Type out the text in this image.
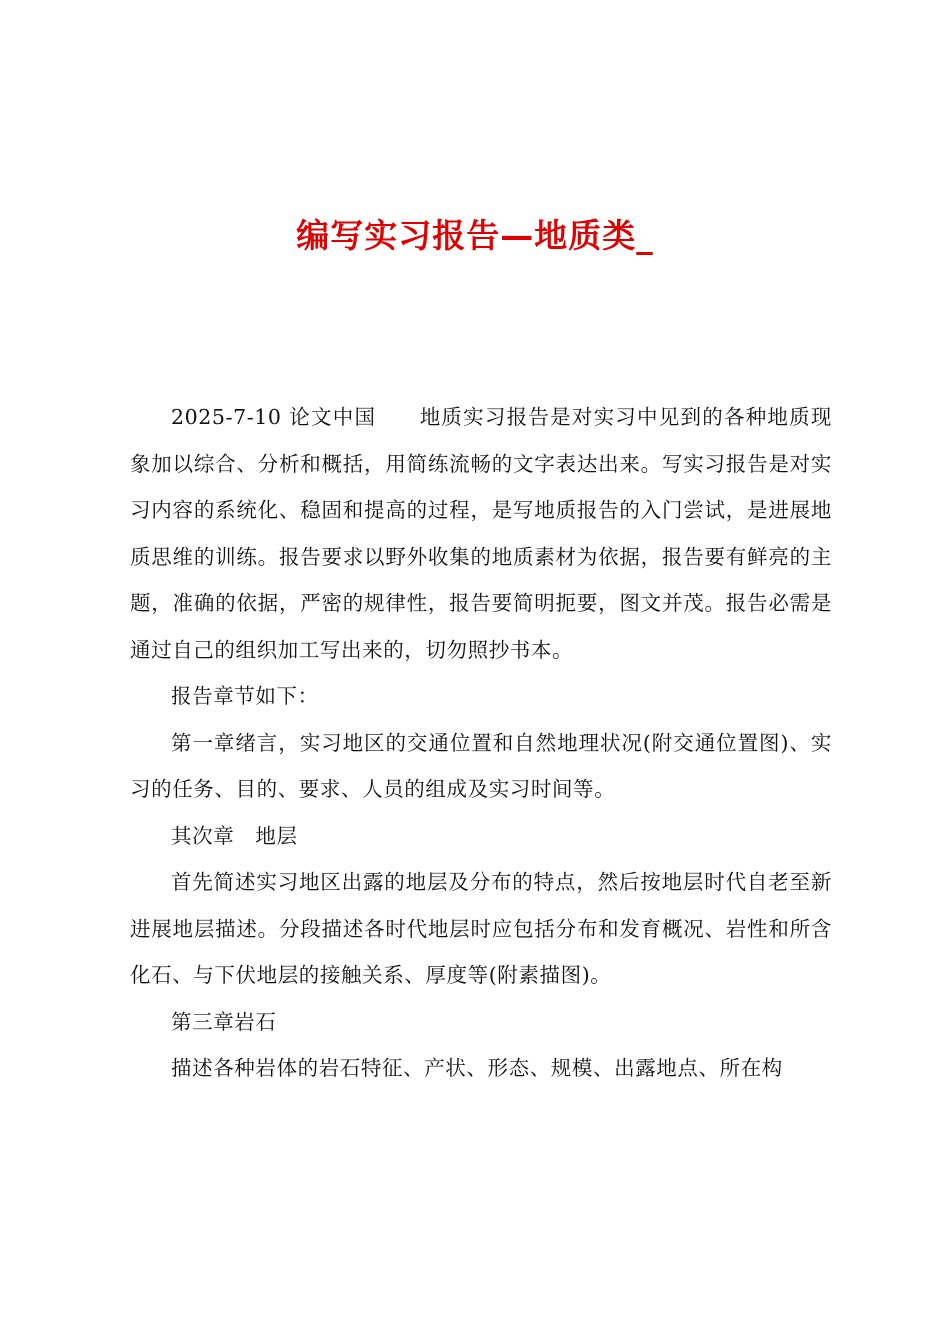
编写实习报告—地质类_

2025-7-10 论文中国　　地质实习报告是对实习中见到的各种地质现象加以综合、分析和概括，用简练流畅的文字表达出来。写实习报告是对实习内容的系统化、稳固和提高的过程，是写地质报告的入门尝试，是进展地质思维的训练。报告要求以野外收集的地质素材为依据，报告要有鲜亮的主题，准确的依据，严密的规律性，报告要简明扼要，图文并茂。报告必需是通过自己的组织加工写出来的，切勿照抄书本。

报告章节如下：

第一章绪言，实习地区的交通位置和自然地理状况(附交通位置图)、实习的任务、目的、要求、人员的组成及实习时间等。

其次章　地层

首先简述实习地区出露的地层及分布的特点，然后按地层时代自老至新进展地层描述。分段描述各时代地层时应包括分布和发育概况、岩性和所含化石、与下伏地层的接触关系、厚度等(附素描图)。

第三章岩石

描述各种岩体的岩石特征、产状、形态、规模、出露地点、所在构
